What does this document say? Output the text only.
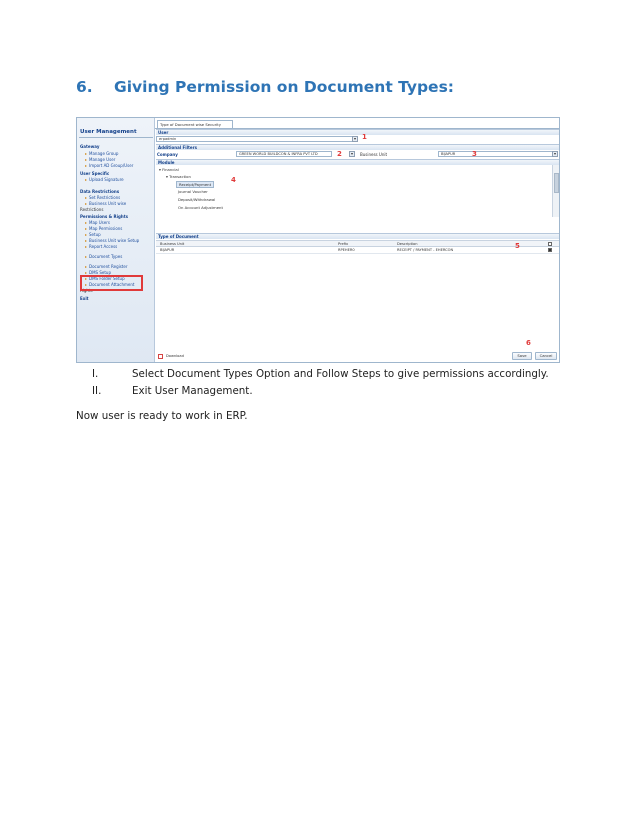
6. Giving Permission on Document Types:
User Management
Gateway
▸ Manage Group
▸ Manage User
▸ Import AD Group/User
User Specific
▸ Upload Signature
Data Restrictions
▸ Set Restrictions
▸ Business Unit wise
Restrictions
Permissions & Rights
▸ Map Users
▸ Map Permissions
▸ Setup
▸ Business Unit wise Setup
▸ Report Access
▸ Document Types
▸ Document Register
▸ DMS Setup
▸ DMS Folder Setup
▸ Document Attachment
Rights
Exit
Type of Document wise Security
User
erpadmin	▾ 1
Additional Filters
Company	GREEN WORLD BUILDCON & INFRA PVT LTD	▾
2	Business Unit	BIJAPUR	▾
3
Module
▾ Financial
▾ Transaction
Receipt/Payment
Journal Voucher
Deposit/Withdrawal
On Account Adjustment
4
Type of Document
Business Unit	Prefix	Description
BIJAPUR	RPEHER0	RECEIPT / PAYMENT - EHERCON	5
Download
6
Save	Cancel
I.	Select Document Types Option and Follow Steps to give permissions accordingly.
II.	Exit User Management.
Now user is ready to work in ERP.
